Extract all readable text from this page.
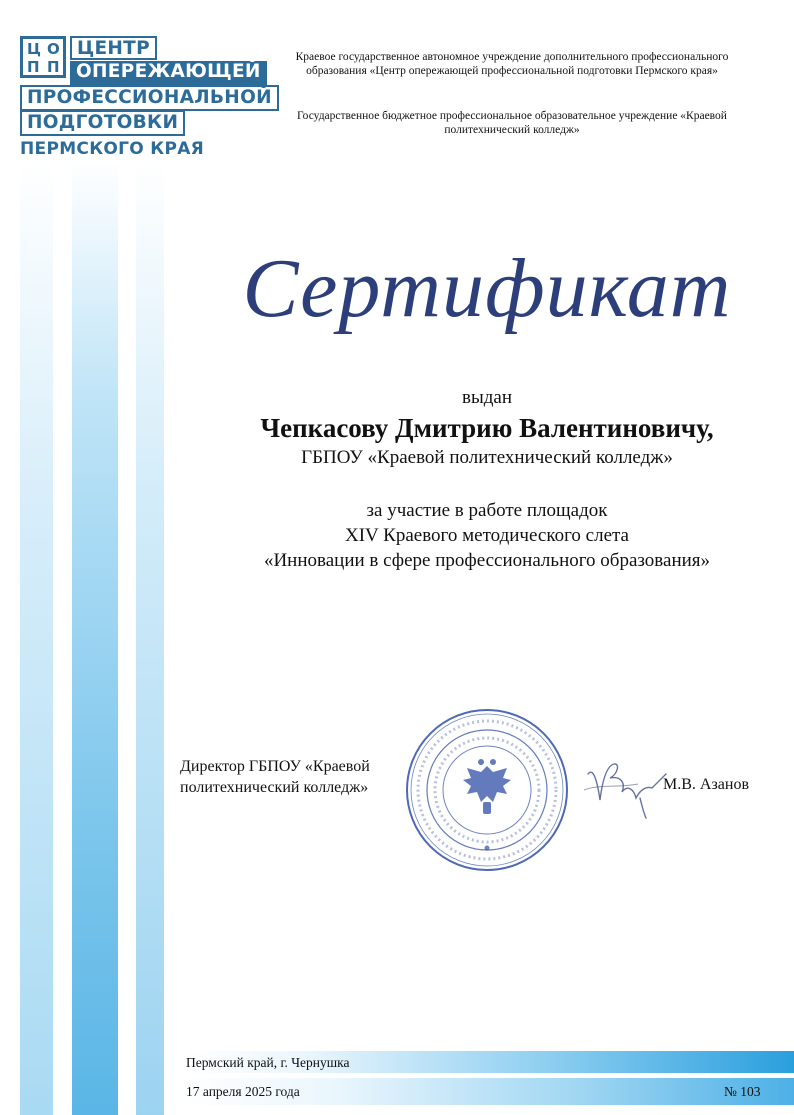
Ц О
П П
ЦЕНТР
ОПЕРЕЖАЮЩЕЙ
ПРОФЕССИОНАЛЬНОЙ
ПОДГОТОВКИ
ПЕРМСКОГО КРАЯ
Краевое государственное автономное учреждение дополнительного профессионального образования «Центр опережающей профессиональной подготовки Пермского края»
Государственное бюджетное профессиональное образовательное учреждение «Краевой политехнический колледж»
Сертификат
выдан
Чепкасову Дмитрию Валентиновичу,
ГБПОУ «Краевой политехнический колледж»
за участие в работе площадок
XIV Краевого методического слета
«Инновации в сфере профессионального образования»
Директор ГБПОУ «Краевой
политехнический колледж»	М.В. Азанов
Пермский край, г. Чернушка
17 апреля 2025 года	№ 103
